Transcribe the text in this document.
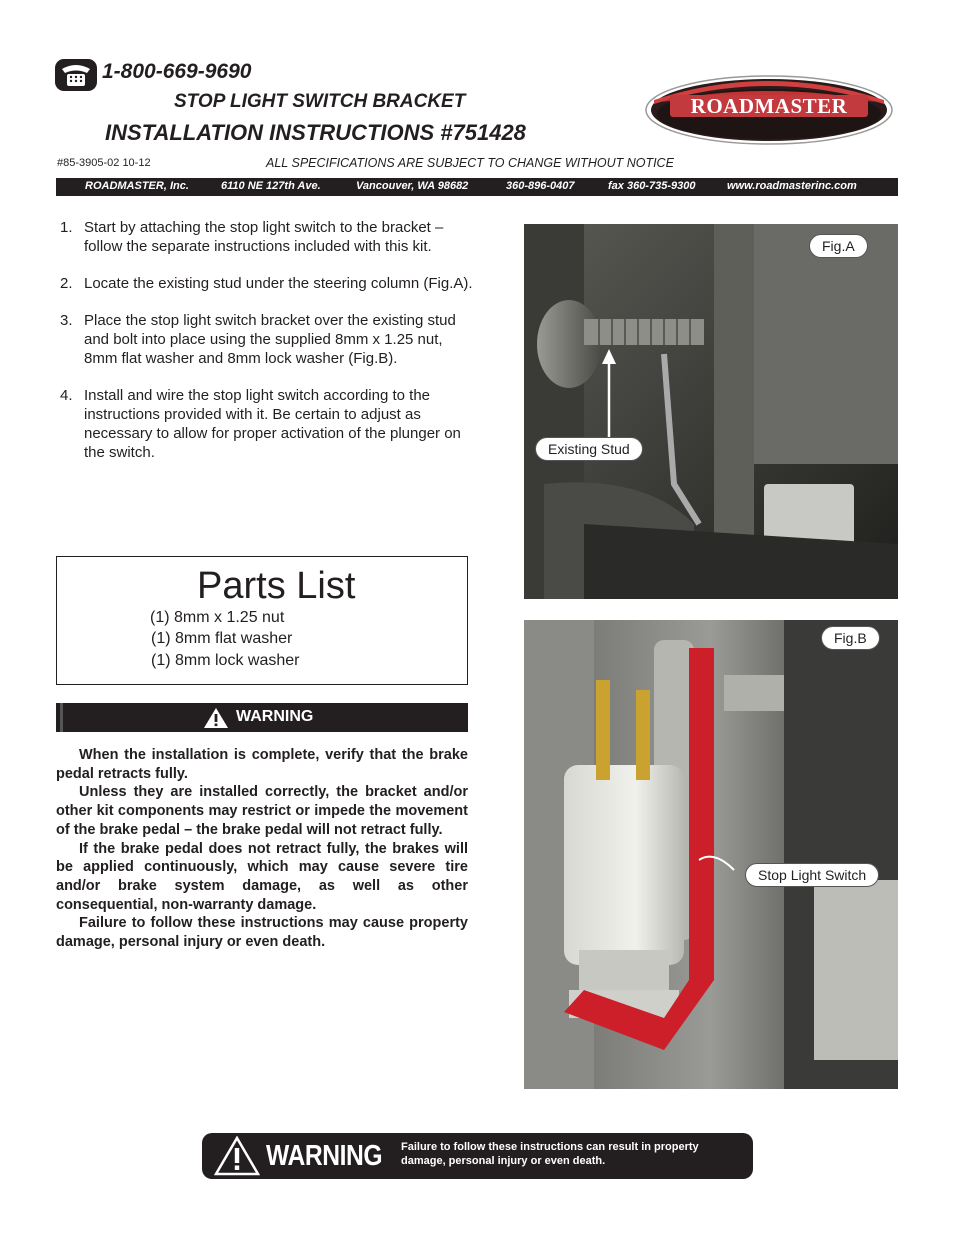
1-800-669-9690
STOP LIGHT SWITCH BRACKET
INSTALLATION INSTRUCTIONS #751428
ROADMASTER
#85-3905-02 10-12	ALL SPECIFICATIONS ARE SUBJECT TO CHANGE WITHOUT NOTICE
ROADMASTER, Inc.	6110 NE 127th Ave.	Vancouver, WA 98682	360-896-0407	fax 360-735-9300	www.roadmasterinc.com
1. Start by attaching the stop light switch to the bracket – follow the separate instructions included with this kit.
2. Locate the existing stud under the steering column (Fig.A).
3. Place the stop light switch bracket over the existing stud and bolt into place using the supplied 8mm x 1.25 nut, 8mm flat washer and 8mm lock washer (Fig.B).
4. Install and wire the stop light switch according to the instructions provided with it. Be certain to adjust as necessary to allow for proper activation of the plunger on the switch.
Parts List
(1) 8mm x 1.25 nut
(1) 8mm flat washer
(1) 8mm lock washer
WARNING

When the installation is complete, verify that the brake pedal retracts fully.

Unless they are installed correctly, the bracket and/or other kit components may restrict or impede the movement of the brake pedal – the brake pedal will not retract fully.

If the brake pedal does not retract fully, the brakes will be applied continuously, which may cause severe tire and/or brake system damage, as well as other consequential, non-warranty damage.

Failure to follow these instructions may cause property damage, personal injury or even death.

Fig.A
Existing Stud
Fig.B
Stop Light Switch
WARNING Failure to follow these instructions can result in property damage, personal injury or even death.
